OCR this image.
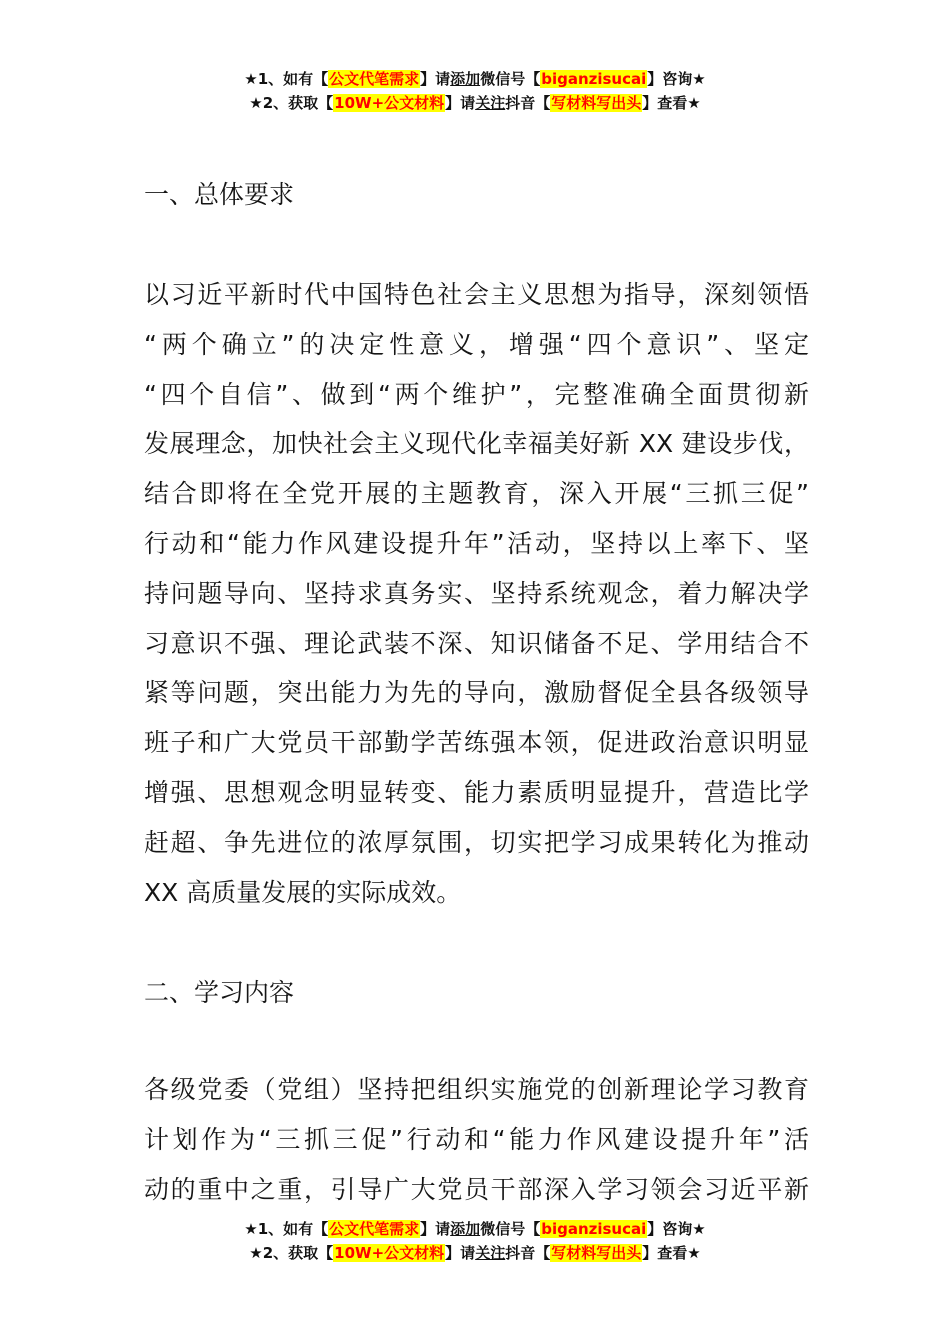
★1、如有【公文代笔需求】请添加微信号【biganzisucai】咨询★
★2、获取【10W+公文材料】请关注抖音【写材料写出头】查看★
一、总体要求

以习近平新时代中国特色社会主义思想为指导，深刻领悟
“两个确立”的决定性意义，增强“四个意识”、坚定
“四个自信”、做到“两个维护”，完整准确全面贯彻新
发展理念，加快社会主义现代化幸福美好新 XX 建设步伐，
结合即将在全党开展的主题教育，深入开展“三抓三促”
行动和“能力作风建设提升年”活动，坚持以上率下、坚
持问题导向、坚持求真务实、坚持系统观念，着力解决学
习意识不强、理论武装不深、知识储备不足、学用结合不
紧等问题，突出能力为先的导向，激励督促全县各级领导
班子和广大党员干部勤学苦练强本领，促进政治意识明显
增强、思想观念明显转变、能力素质明显提升，营造比学
赶超、争先进位的浓厚氛围，切实把学习成果转化为推动
XX 高质量发展的实际成效。

二、学习内容

各级党委（党组）坚持把组织实施党的创新理论学习教育
计划作为“三抓三促”行动和“能力作风建设提升年”活
动的重中之重，引导广大党员干部深入学习领会习近平新

★1、如有【公文代笔需求】请添加微信号【biganzisucai】咨询★
★2、获取【10W+公文材料】请关注抖音【写材料写出头】查看★
